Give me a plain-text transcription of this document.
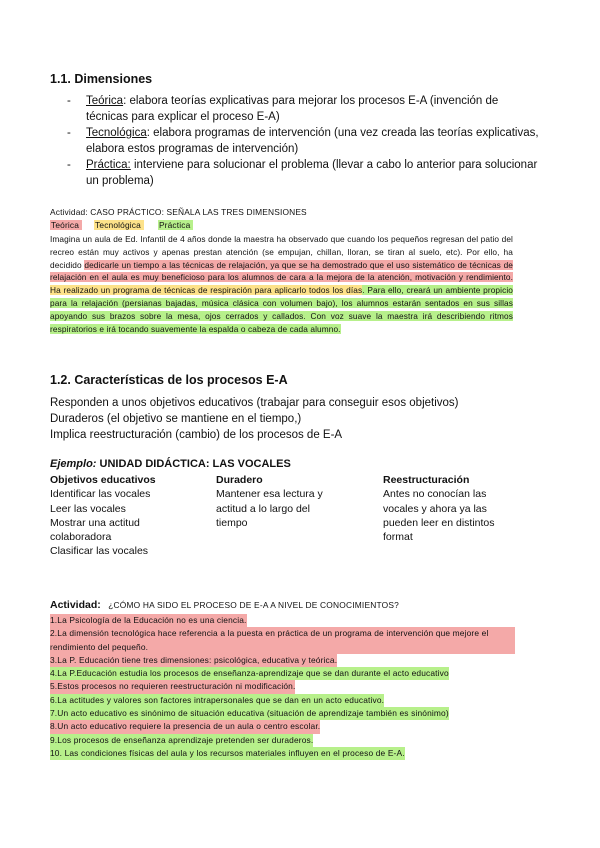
1.1. Dimensiones
- Teórica: elabora teorías explicativas para mejorar los procesos E-A (invención de técnicas para explicar el proceso E-A)
- Tecnológica: elabora programas de intervención (una vez creada las teorías explicativas, elabora estos programas de intervención)
- Práctica: interviene para solucionar el problema (llevar a cabo lo anterior para solucionar un problema)
Actividad: CASO PRÁCTICO: SEÑALA LAS TRES DIMENSIONES
Teórica Tecnológica Práctica
Imagina un aula de Ed. Infantil de 4 años donde la maestra ha observado que cuando los pequeños regresan del patio del recreo están muy activos y apenas prestan atención (se empujan, chillan, lloran, se tiran al suelo, etc). Por ello, ha decidido dedicarle un tiempo a las técnicas de relajación, ya que se ha demostrado que el uso sistemático de técnicas de relajación en el aula es muy beneficioso para los alumnos de cara a la mejora de la atención, motivación y rendimiento. Ha realizado un programa de técnicas de respiración para aplicarlo todos los días. Para ello, creará un ambiente propicio para la relajación (persianas bajadas, música clásica con volumen bajo), los alumnos estarán sentados en sus sillas apoyando sus brazos sobre la mesa, ojos cerrados y callados. Con voz suave la maestra irá describiendo ritmos respiratorios e irá tocando suavemente la espalda o cabeza de cada alumno.
1.2. Características de los procesos E-A
Responden a unos objetivos educativos (trabajar para conseguir esos objetivos)
Duraderos (el objetivo se mantiene en el tiempo,)
Implica reestructuración (cambio) de los procesos de E-A
Ejemplo: UNIDAD DIDÁCTICA: LAS VOCALES
Objetivos educativos
Identificar las vocales
Leer las vocales
Mostrar una actitud
colaboradora
Clasificar las vocales
Duradero
Mantener esa lectura y
actitud a lo largo del
tiempo
Reestructuración
Antes no conocían las
vocales y ahora ya las
pueden leer en distintos
format
Actividad: ¿CÓMO HA SIDO EL PROCESO DE E-A A NIVEL DE CONOCIMIENTOS?
1.La Psicología de la Educación no es una ciencia.
2.La dimensión tecnológica hace referencia a la puesta en práctica de un programa de intervención que mejore el rendimiento del pequeño.
3.La P. Educación tiene tres dimensiones: psicológica, educativa y teórica.
4.La P.Educación estudia los procesos de enseñanza-aprendizaje que se dan durante el acto educativo
5.Estos procesos no requieren reestructuración ni modificación.
6.La actitudes y valores son factores intrapersonales que se dan en un acto educativo.
7.Un acto educativo es sinónimo de situación educativa (situación de aprendizaje también es sinónimo)
8.Un acto educativo requiere la presencia de un aula o centro escolar.
9.Los procesos de enseñanza aprendizaje pretenden ser duraderos.
10. Las condiciones físicas del aula y los recursos materiales influyen en el proceso de E-A.
